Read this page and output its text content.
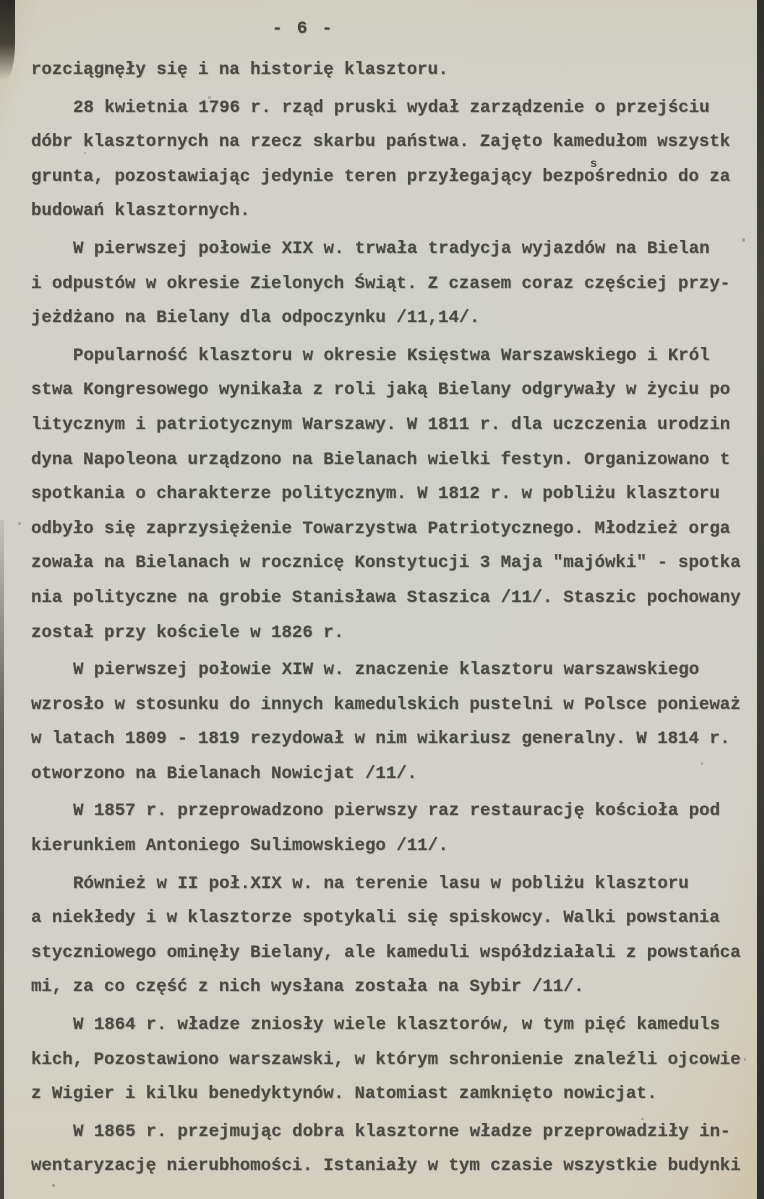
- 6 -
rozciągnęły się i na historię klasztoru.
28 kwietnia 1796 r. rząd pruski wydał zarządzenie o przejściu
dóbr klasztornych na rzecz skarbu państwa. Zajęto kamedułom wszystk
grunta, pozostawiając jedynie teren przyłegający bezpośrednio do za
budowań klasztornych.
W pierwszej połowie XIX w. trwała tradycja wyjazdów na Bielan
i odpustów w okresie Zielonych Świąt. Z czasem coraz częściej przy-
jeżdżano na Bielany dla odpoczynku /11,14/.
Popularność klasztoru w okresie Księstwa Warszawskiego i Król
stwa Kongresowego wynikała z roli jaką Bielany odgrywały w życiu po
litycznym i patriotycznym Warszawy. W 1811 r. dla uczczenia urodzin
dyna Napoleona urządzono na Bielanach wielki festyn. Organizowano t
spotkania o charakterze politycznym. W 1812 r. w pobliżu klasztoru
odbyło się zaprzysiężenie Towarzystwa Patriotycznego. Młodzież orga
zowała na Bielanach w rocznicę Konstytucji 3 Maja "majówki" - spotka
nia polityczne na grobie Stanisława Staszica /11/. Staszic pochowany
został przy kościele w 1826 r.
W pierwszej połowie XIW w. znaczenie klasztoru warszawskiego
wzrosło w stosunku do innych kamedulskich pustelni w Polsce ponieważ
w latach 1809 - 1819 rezydował w nim wikariusz generalny. W 1814 r.
otworzono na Bielanach Nowicjat /11/.
W 1857 r. przeprowadzono pierwszy raz restaurację kościoła pod
kierunkiem Antoniego Sulimowskiego /11/.
Również w II poł.XIX w. na terenie lasu w pobliżu klasztoru
a niekłedy i w klasztorze spotykali się spiskowcy. Walki powstania
styczniowego ominęły Bielany, ale kameduli współdziałali z powstańca
mi, za co część z nich wysłana została na Sybir /11/.
W 1864 r. władze zniosły wiele klasztorów, w tym pięć kameduls
kich, Pozostawiono warszawski, w którym schronienie znaleźli ojcowie
z Wigier i kilku benedyktynów. Natomiast zamknięto nowicjat.
W 1865 r. przejmując dobra klasztorne władze przeprowadziły in-
wentaryzację nierubhomości. Istaniały w tym czasie wszystkie budynki
s
